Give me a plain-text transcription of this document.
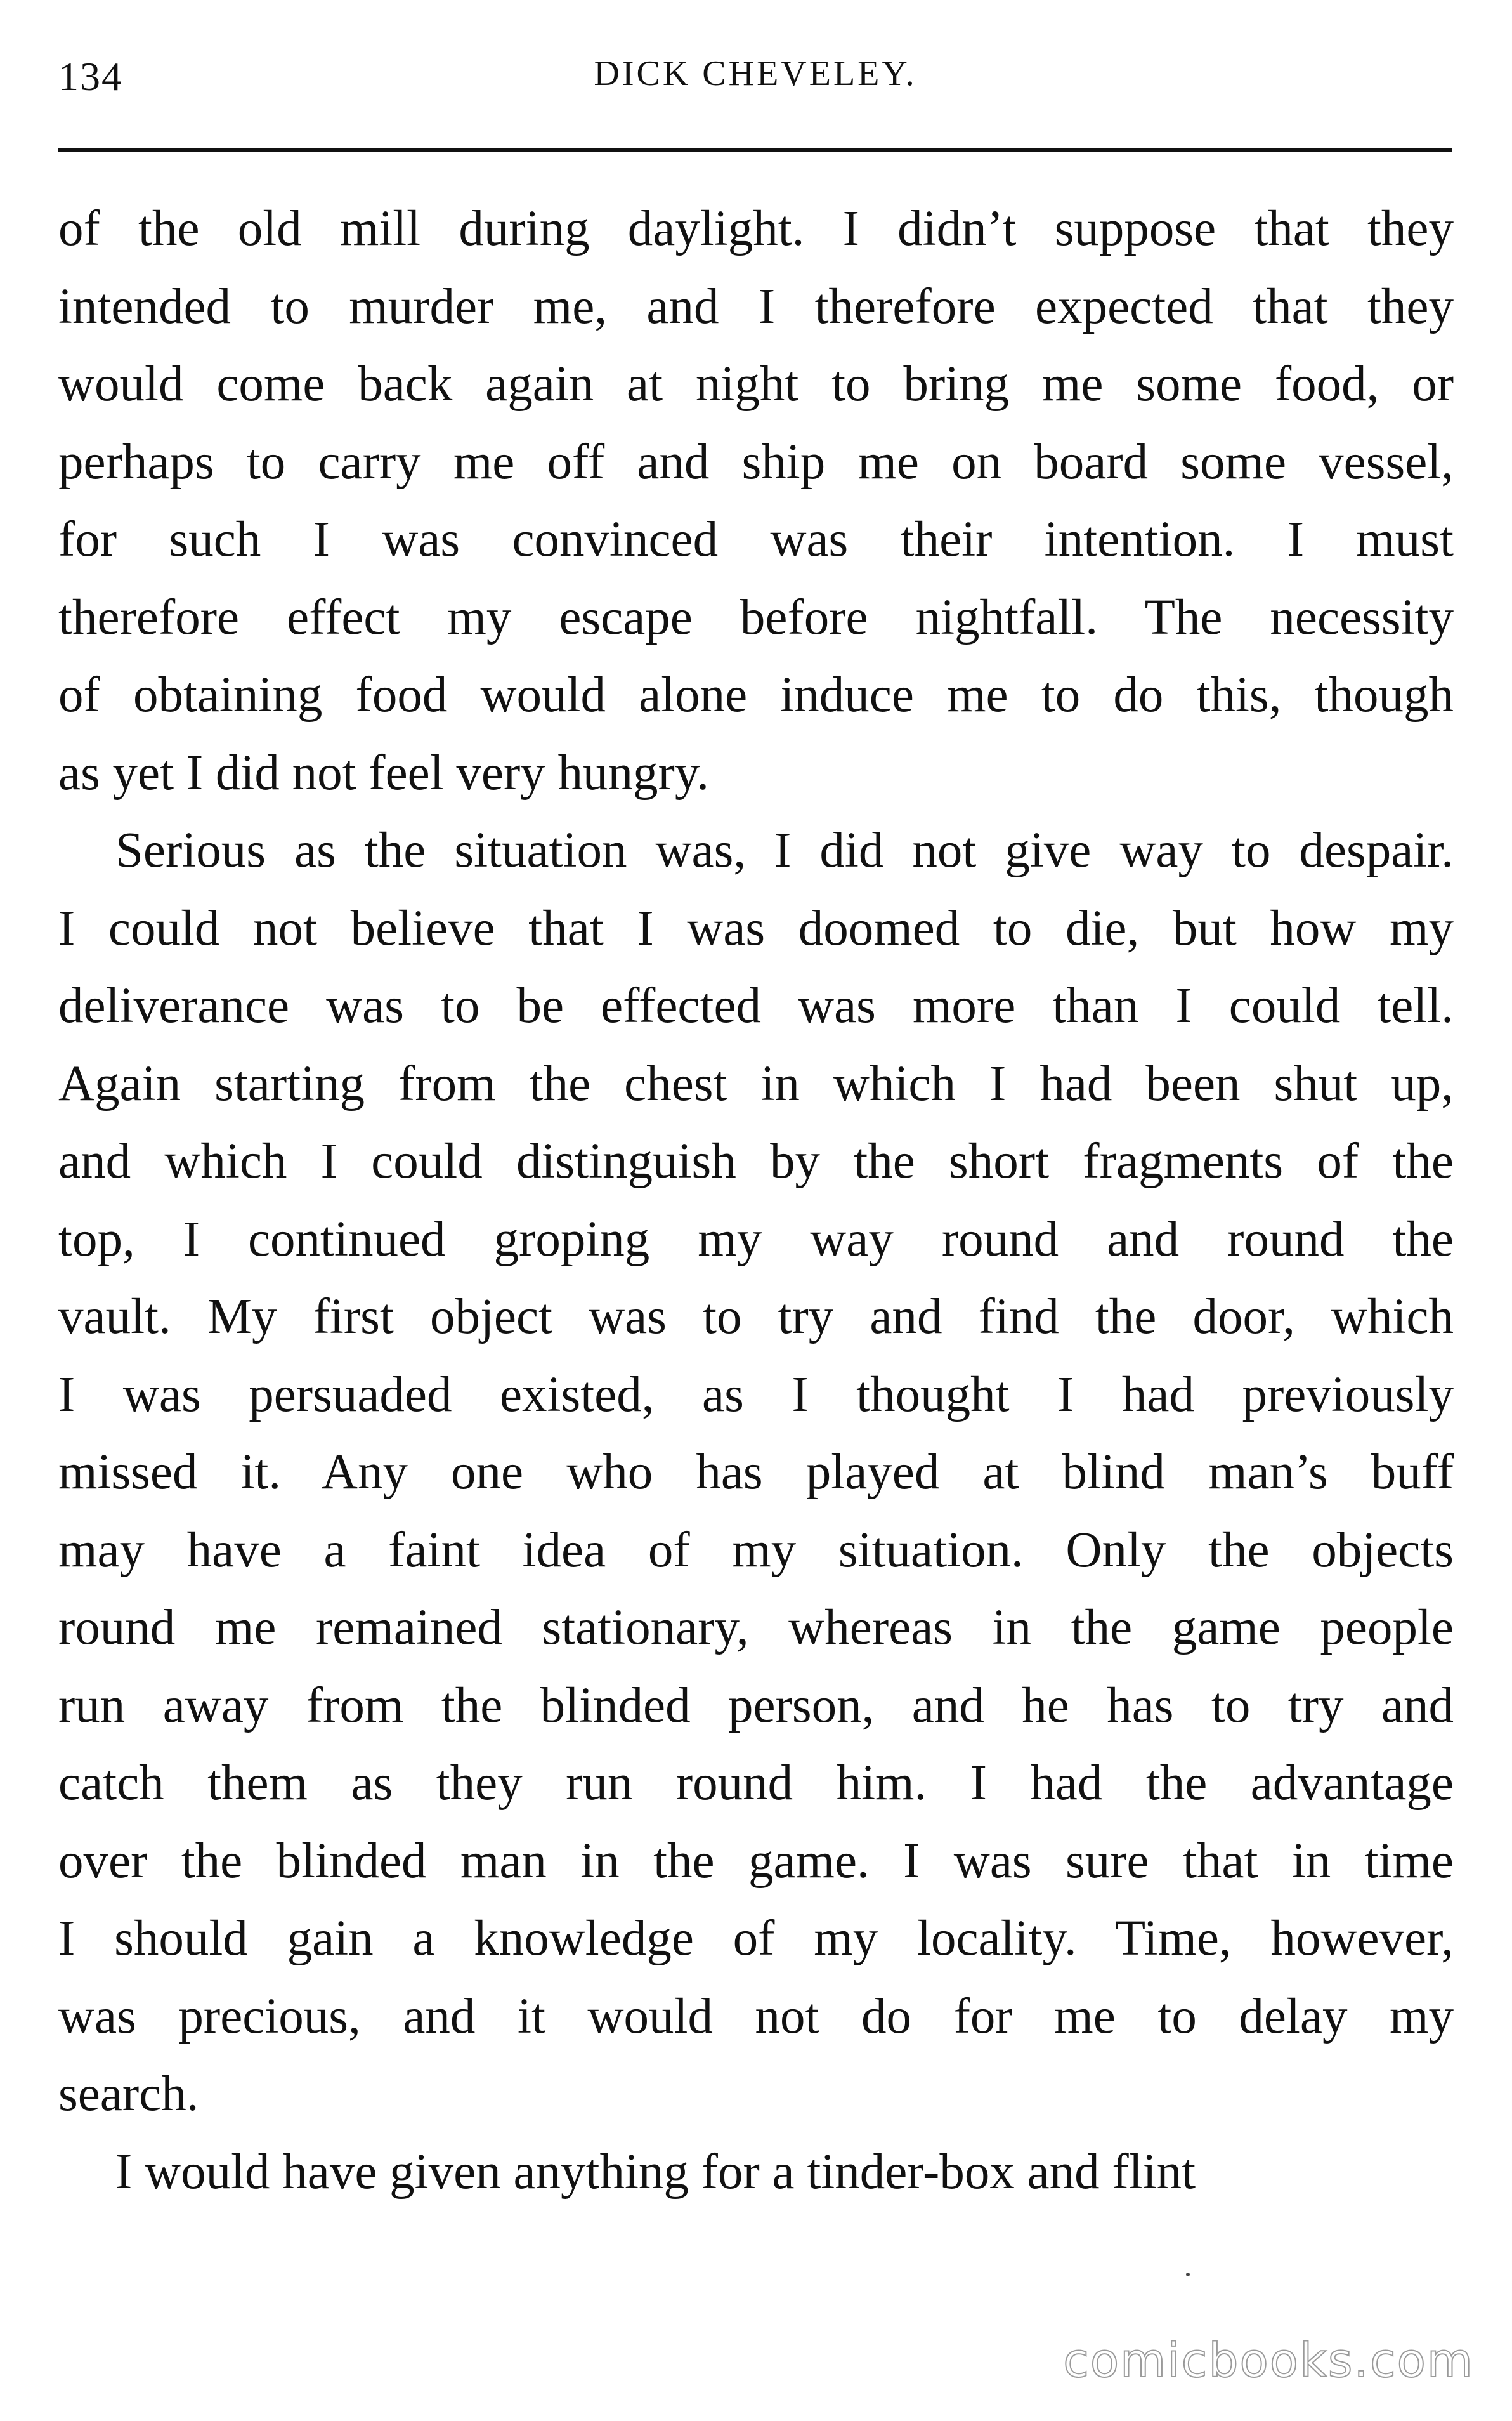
134	DICK CHEVELEY.
of the old mill during daylight. I didn’t suppose that they
intended to murder me, and I therefore expected that they
would come back again at night to bring me some food, or
perhaps to carry me off and ship me on board some vessel,
for such I was convinced was their intention. I must
therefore effect my escape before nightfall. The necessity
of obtaining food would alone induce me to do this, though
as yet I did not feel very hungry.
Serious as the situation was, I did not give way to despair.
I could not believe that I was doomed to die, but how my
deliverance was to be effected was more than I could tell.
Again starting from the chest in which I had been shut up,
and which I could distinguish by the short fragments of the
top, I continued groping my way round and round the
vault. My first object was to try and find the door, which
I was persuaded existed, as I thought I had previously
missed it. Any one who has played at blind man’s buff
may have a faint idea of my situation. Only the objects
round me remained stationary, whereas in the game people
run away from the blinded person, and he has to try and
catch them as they run round him. I had the advantage
over the blinded man in the game. I was sure that in time
I should gain a knowledge of my locality. Time, however,
was precious, and it would not do for me to delay my
search.
I would have given anything for a tinder-box and flint
comicbooks.com
